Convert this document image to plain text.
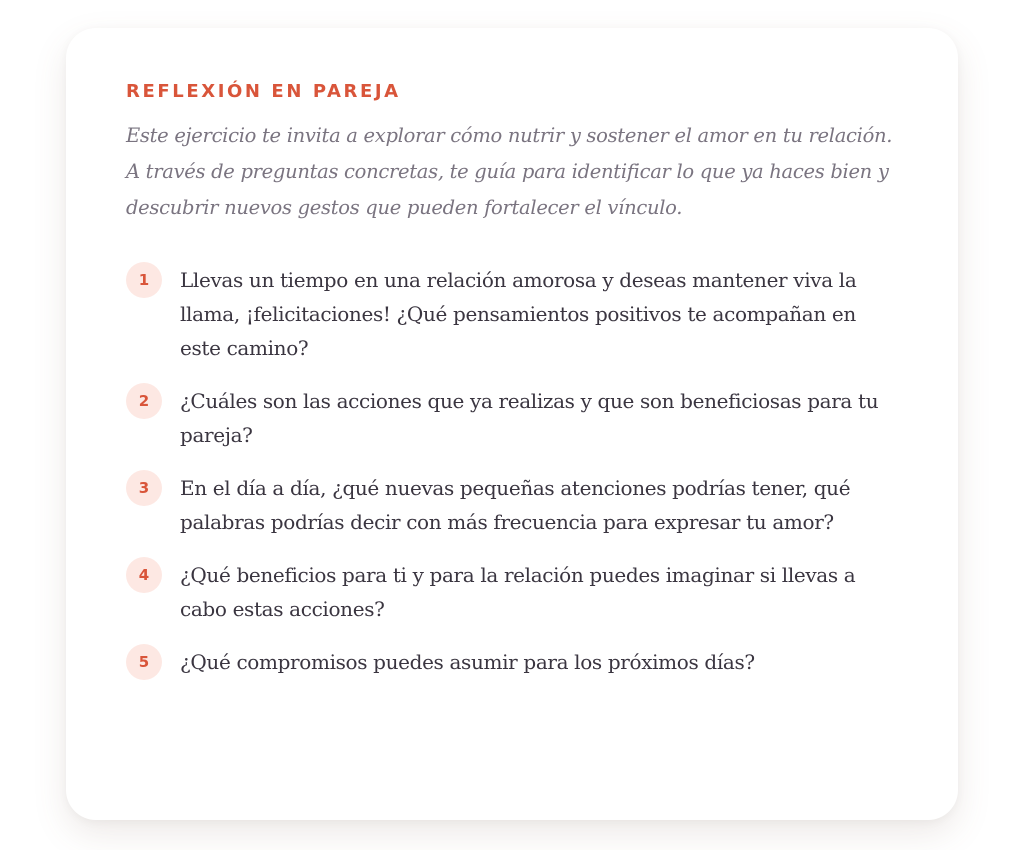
REFLEXIÓN EN PAREJA

Este ejercicio te invita a explorar cómo nutrir y sostener el amor en tu relación. A través de preguntas concretas, te guía para identificar lo que ya haces bien y descubrir nuevos gestos que pueden fortalecer el vínculo.

1	Llevas un tiempo en una relación amorosa y deseas mantener viva la llama, ¡felicitaciones! ¿Qué pensamientos positivos te acompañan en este camino?
2	¿Cuáles son las acciones que ya realizas y que son beneficiosas para tu pareja?
3	En el día a día, ¿qué nuevas pequeñas atenciones podrías tener, qué palabras podrías decir con más frecuencia para expresar tu amor?
4	¿Qué beneficios para ti y para la relación puedes imaginar si llevas a cabo estas acciones?
5	¿Qué compromisos puedes asumir para los próximos días?
